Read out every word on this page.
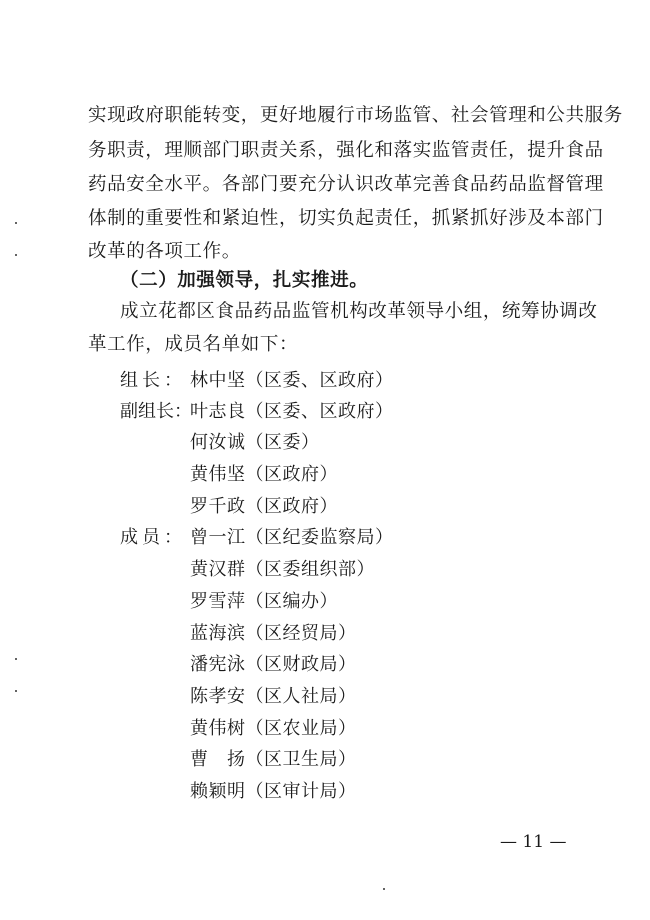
实现政府职能转变，更好地履行市场监管、社会管理和公共服务
务职责，理顺部门职责关系，强化和落实监管责任，提升食品
药品安全水平。各部门要充分认识改革完善食品药品监督管理
体制的重要性和紧迫性，切实负起责任，抓紧抓好涉及本部门
改革的各项工作。
（二）加强领导，扎实推进。
成立花都区食品药品监管机构改革领导小组，统筹协调改
革工作，成员名单如下：
组长： 林中坚（区委、区政府）
副组长：
叶志良（区委、区政府）
何汝诚（区委）
黄伟坚（区政府）
罗千政（区政府）
成员： 曾一江（区纪委监察局）
黄汉群（区委组织部）
罗雪萍（区编办）
蓝海滨（区经贸局）
潘宪泳（区财政局）
陈孝安（区人社局）
黄伟树（区农业局）
曹　扬（区卫生局）
赖颖明（区审计局）
— 11 —
